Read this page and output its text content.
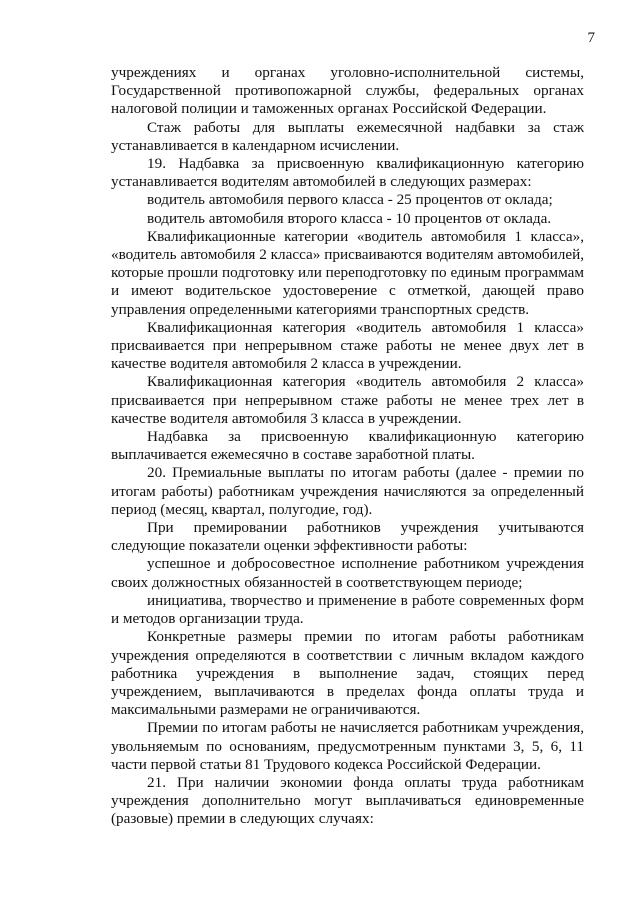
7

учреждениях и органах уголовно-исполнительной системы, Государственной противопожарной службы, федеральных органах налоговой полиции и таможенных органах Российской Федерации.

Стаж работы для выплаты ежемесячной надбавки за стаж устанавливается в календарном исчислении.

19. Надбавка за присвоенную квалификационную категорию устанавливается водителям автомобилей в следующих размерах:

водитель автомобиля первого класса - 25 процентов от оклада;

водитель автомобиля второго класса - 10 процентов от оклада.

Квалификационные категории «водитель автомобиля 1 класса», «водитель автомобиля 2 класса» присваиваются водителям автомобилей, которые прошли подготовку или переподготовку по единым программам и имеют водительское удостоверение с отметкой, дающей право управления определенными категориями транспортных средств.

Квалификационная категория «водитель автомобиля 1 класса» присваивается при непрерывном стаже работы не менее двух лет в качестве водителя автомобиля 2 класса в учреждении.

Квалификационная категория «водитель автомобиля 2 класса» присваивается при непрерывном стаже работы не менее трех лет в качестве водителя автомобиля 3 класса в учреждении.

Надбавка за присвоенную квалификационную категорию выплачивается ежемесячно в составе заработной платы.

20. Премиальные выплаты по итогам работы (далее - премии по итогам работы) работникам учреждения начисляются за определенный период (месяц, квартал, полугодие, год).

При премировании работников учреждения учитываются следующие показатели оценки эффективности работы:

успешное и добросовестное исполнение работником учреждения своих должностных обязанностей в соответствующем периоде;

инициатива, творчество и применение в работе современных форм и методов организации труда.

Конкретные размеры премии по итогам работы работникам учреждения определяются в соответствии с личным вкладом каждого работника учреждения в выполнение задач, стоящих перед учреждением, выплачиваются в пределах фонда оплаты труда и максимальными размерами не ограничиваются.

Премии по итогам работы не начисляется работникам учреждения, увольняемым по основаниям, предусмотренным пунктами 3, 5, 6, 11 части первой статьи 81 Трудового кодекса Российской Федерации.

21. При наличии экономии фонда оплаты труда работникам учреждения дополнительно могут выплачиваться единовременные (разовые) премии в следующих случаях:
